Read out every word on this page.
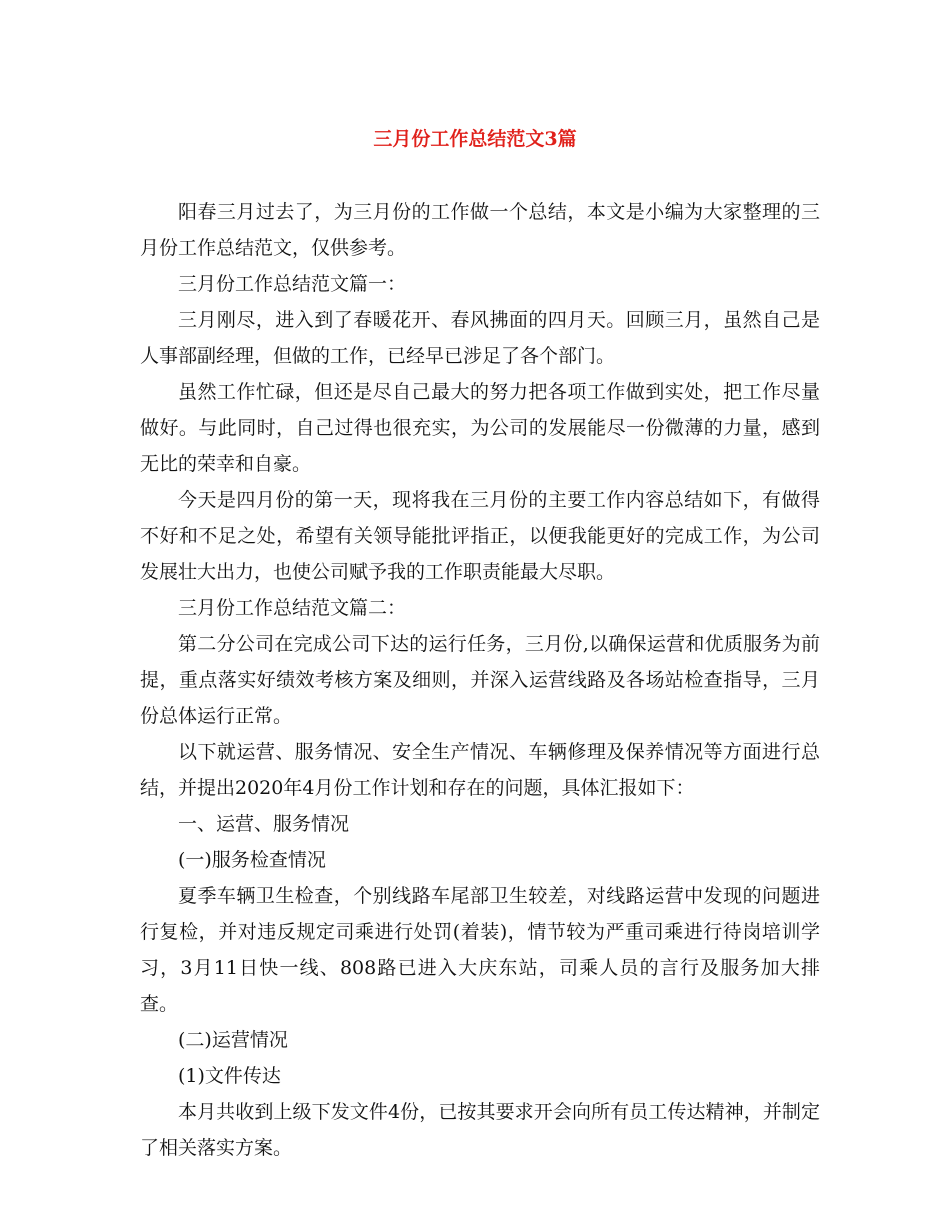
三月份工作总结范文3篇

阳春三月过去了，为三月份的工作做一个总结，本文是小编为大家整理的三月份工作总结范文，仅供参考。

三月份工作总结范文篇一：

三月刚尽，进入到了春暖花开、春风拂面的四月天。回顾三月，虽然自己是人事部副经理，但做的工作，已经早已涉足了各个部门。

虽然工作忙碌，但还是尽自己最大的努力把各项工作做到实处，把工作尽量做好。与此同时，自己过得也很充实，为公司的发展能尽一份微薄的力量，感到无比的荣幸和自豪。

今天是四月份的第一天，现将我在三月份的主要工作内容总结如下，有做得不好和不足之处，希望有关领导能批评指正，以便我能更好的完成工作，为公司发展壮大出力，也使公司赋予我的工作职责能最大尽职。

三月份工作总结范文篇二：

第二分公司在完成公司下达的运行任务，三月份,以确保运营和优质服务为前提，重点落实好绩效考核方案及细则，并深入运营线路及各场站检查指导，三月份总体运行正常。

以下就运营、服务情况、安全生产情况、车辆修理及保养情况等方面进行总结，并提出2020年4月份工作计划和存在的问题，具体汇报如下：

一、运营、服务情况

(一)服务检查情况

夏季车辆卫生检查，个别线路车尾部卫生较差，对线路运营中发现的问题进行复检，并对违反规定司乘进行处罚(着装)，情节较为严重司乘进行待岗培训学习，3月11日快一线、808路已进入大庆东站，司乘人员的言行及服务加大排查。

(二)运营情况

(1)文件传达

本月共收到上级下发文件4份，已按其要求开会向所有员工传达精神，并制定了相关落实方案。
